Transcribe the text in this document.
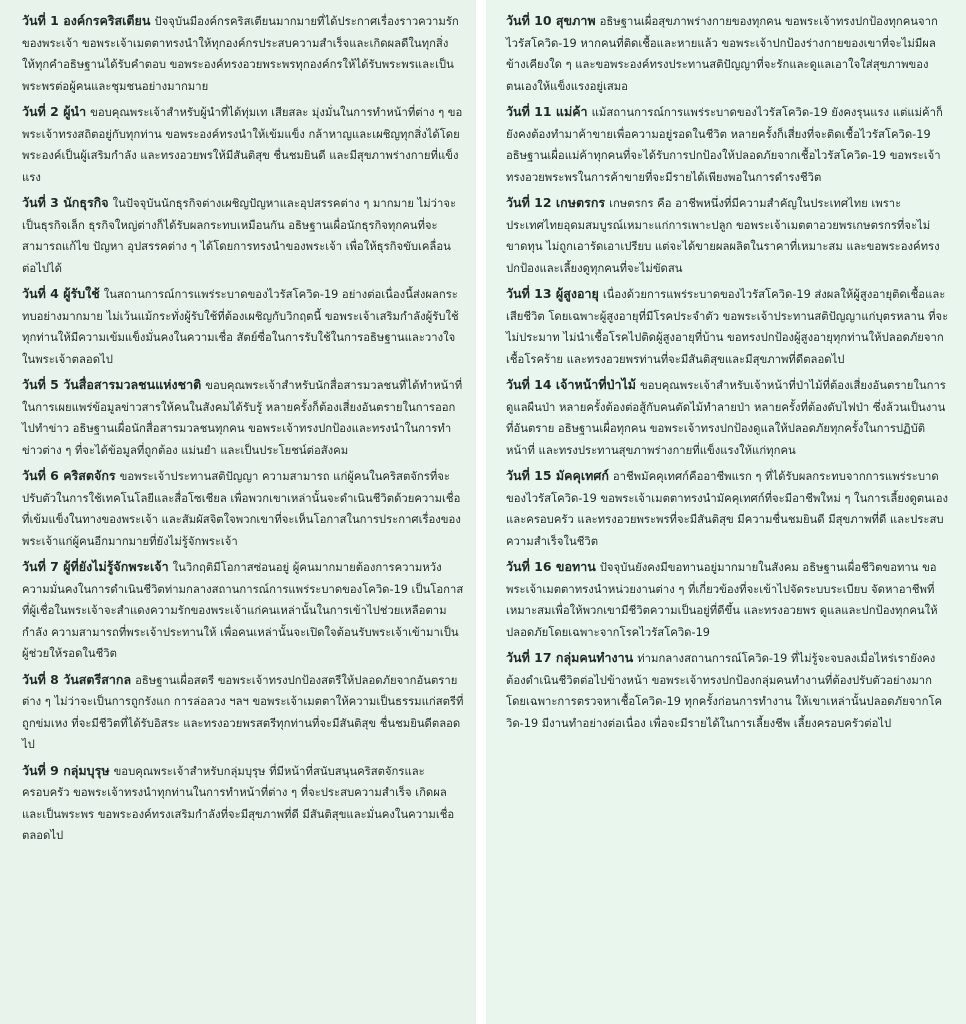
วันที่ 1 องค์กรคริสเตียน ปัจจุบันมีองค์กรคริสเตียนมากมายที่ได้ประกาศเรื่องราวความรักของพระเจ้า ขอพระเจ้าเมตตาทรงนำให้ทุกองค์กรประสบความสำเร็จและเกิดผลดีในทุกสิ่ง ให้ทุกคำอธิษฐานได้รับคำตอบ ขอพระองค์ทรงอวยพระพรทุกองค์กรให้ได้รับพระพรและเป็นพระพรต่อผู้คนและชุมชนอย่างมากมาย

วันที่ 2 ผู้นำ ขอบคุณพระเจ้าสำหรับผู้นำที่ได้ทุ่มเท เสียสละ มุ่งมั่นในการทำหน้าที่ต่าง ๆ ขอพระเจ้าทรงสถิตอยู่กับทุกท่าน ขอพระองค์ทรงนำให้เข้มแข็ง กล้าหาญและเผชิญทุกสิ่งได้โดยพระองค์เป็นผู้เสริมกำลัง และทรงอวยพรให้มีสันติสุข ชื่นชมยินดี และมีสุขภาพร่างกายที่แข็งแรง

วันที่ 3 นักธุรกิจ ในปัจจุบันนักธุรกิจต่างเผชิญปัญหาและอุปสรรคต่าง ๆ มากมาย ไม่ว่าจะเป็นธุรกิจเล็ก ธุรกิจใหญ่ต่างก็ได้รับผลกระทบเหมือนกัน อธิษฐานเผื่อนักธุรกิจทุกคนที่จะสามารถแก้ไข ปัญหา อุปสรรคต่าง ๆ ได้โดยการทรงนำของพระเจ้า เพื่อให้ธุรกิจขับเคลื่อนต่อไปได้

วันที่ 4 ผู้รับใช้ ในสถานการณ์การแพร่ระบาดของไวรัสโควิด-19 อย่างต่อเนื่องนี้ส่งผลกระทบอย่างมากมาย ไม่เว้นแม้กระทั่งผู้รับใช้ที่ต้องเผชิญกับวิกฤตนี้ ขอพระเจ้าเสริมกำลังผู้รับใช้ทุกท่านให้มีความเข้มแข็งมั่นคงในความเชื่อ สัตย์ซื่อในการรับใช้ในการอธิษฐานและวางใจในพระเจ้าตลอดไป

วันที่ 5 วันสื่อสารมวลชนแห่งชาติ ขอบคุณพระเจ้าสำหรับนักสื่อสารมวลชนที่ได้ทำหน้าที่ในการเผยแพร่ข้อมูลข่าวสารให้คนในสังคมได้รับรู้ หลายครั้งก็ต้องเสี่ยงอันตรายในการออกไปทำข่าว อธิษฐานเผื่อนักสื่อสารมวลชนทุกคน ขอพระเจ้าทรงปกป้องและทรงนำในการทำข่าวต่าง ๆ ที่จะได้ข้อมูลที่ถูกต้อง แม่นยำ และเป็นประโยชน์ต่อสังคม

วันที่ 6 คริสตจักร ขอพระเจ้าประทานสติปัญญา ความสามารถ แก่ผู้คนในคริสตจักรที่จะปรับตัวในการใช้เทคโนโลยีและสื่อโซเชียล เพื่อพวกเขาเหล่านั้นจะดำเนินชีวิตด้วยความเชื่อที่เข้มแข็งในทางของพระเจ้า และสัมผัสจิตใจพวกเขาที่จะเห็นโอกาสในการประกาศเรื่องของพระเจ้าแก่ผู้คนอีกมากมายที่ยังไม่รู้จักพระเจ้า

วันที่ 7 ผู้ที่ยังไม่รู้จักพระเจ้า ในวิกฤติมีโอกาสซ่อนอยู่ ผู้คนมากมายต้องการความหวัง ความมั่นคงในการดำเนินชีวิตท่ามกลางสถานการณ์การแพร่ระบาดของโควิด-19 เป็นโอกาสที่ผู้เชื่อในพระเจ้าจะสำแดงความรักของพระเจ้าแก่คนเหล่านั้นในการเข้าไปช่วยเหลือตามกำลัง ความสามารถที่พระเจ้าประทานให้ เพื่อคนเหล่านั้นจะเปิดใจต้อนรับพระเจ้าเข้ามาเป็นผู้ช่วยให้รอดในชีวิต

วันที่ 8 วันสตรีสากล อธิษฐานเผื่อสตรี ขอพระเจ้าทรงปกป้องสตรีให้ปลอดภัยจากอันตรายต่าง ๆ ไม่ว่าจะเป็นการถูกรังแก การล่อลวง ฯลฯ ขอพระเจ้าเมตตาให้ความเป็นธรรมแก่สตรีที่ถูกข่มเหง ที่จะมีชีวิตที่ได้รับอิสระ และทรงอวยพรสตรีทุกท่านที่จะมีสันติสุข ชื่นชมยินดีตลอดไป

วันที่ 9 กลุ่มบุรุษ ขอบคุณพระเจ้าสำหรับกลุ่มบุรุษ ที่มีหน้าที่สนับสนุนคริสตจักรและครอบครัว ขอพระเจ้าทรงนำทุกท่านในการทำหน้าที่ต่าง ๆ ที่จะประสบความสำเร็จ เกิดผลและเป็นพระพร ขอพระองค์ทรงเสริมกำลังที่จะมีสุขภาพที่ดี มีสันติสุขและมั่นคงในความเชื่อตลอดไป

วันที่ 10 สุขภาพ อธิษฐานเผื่อสุขภาพร่างกายของทุกคน ขอพระเจ้าทรงปกป้องทุกคนจากไวรัสโควิด-19 หากคนที่ติดเชื้อและหายแล้ว ขอพระเจ้าปกป้องร่างกายของเขาที่จะไม่มีผลข้างเคียงใด ๆ และขอพระองค์ทรงประทานสติปัญญาที่จะรักและดูแลเอาใจใส่สุขภาพของตนเองให้แข็งแรงอยู่เสมอ

วันที่ 11 แม่ค้า แม้สถานการณ์การแพร่ระบาดของไวรัสโควิด-19 ยังคงรุนแรง แต่แม่ค้าก็ยังคงต้องทำมาค้าขายเพื่อความอยู่รอดในชีวิต หลายครั้งก็เสี่ยงที่จะติดเชื้อไวรัสโควิด-19 อธิษฐานเผื่อแม่ค้าทุกคนที่จะได้รับการปกป้องให้ปลอดภัยจากเชื้อไวรัสโควิด-19 ขอพระเจ้าทรงอวยพระพรในการค้าขายที่จะมีรายได้เพียงพอในการดำรงชีวิต

วันที่ 12 เกษตรกร เกษตรกร คือ อาชีพหนึ่งที่มีความสำคัญในประเทศไทย เพราะประเทศไทยอุดมสมบูรณ์เหมาะแก่การเพาะปลูก ขอพระเจ้าเมตตาอวยพรเกษตรกรที่จะไม่ขาดทุน ไม่ถูกเอารัดเอาเปรียบ แต่จะได้ขายผลผลิตในราคาที่เหมาะสม และขอพระองค์ทรงปกป้องและเลี้ยงดูทุกคนที่จะไม่ขัดสน

วันที่ 13 ผู้สูงอายุ เนื่องด้วยการแพร่ระบาดของไวรัสโควิด-19 ส่งผลให้ผู้สูงอายุติดเชื้อและเสียชีวิต โดยเฉพาะผู้สูงอายุที่มีโรคประจำตัว ขอพระเจ้าประทานสติปัญญาแก่บุตรหลาน ที่จะไม่ประมาท ไม่นำเชื้อโรคไปติดผู้สูงอายุที่บ้าน ขอทรงปกป้องผู้สูงอายุทุกท่านให้ปลอดภัยจากเชื้อโรคร้าย และทรงอวยพรท่านที่จะมีสันติสุขและมีสุขภาพที่ดีตลอดไป

วันที่ 14 เจ้าหน้าที่ป่าไม้ ขอบคุณพระเจ้าสำหรับเจ้าหน้าที่ป่าไม้ที่ต้องเสี่ยงอันตรายในการดูแลผืนป่า หลายครั้งต้องต่อสู้กับคนตัดไม้ทำลายป่า หลายครั้งที่ต้องดับไฟป่า ซึ่งล้วนเป็นงานที่อันตราย อธิษฐานเผื่อทุกคน ขอพระเจ้าทรงปกป้องดูแลให้ปลอดภัยทุกครั้งในการปฏิบัติหน้าที่ และทรงประทานสุขภาพร่างกายที่แข็งแรงให้แก่ทุกคน

วันที่ 15 มัคคุเทศก์ อาชีพมัคคุเทศก์คืออาชีพแรก ๆ ที่ได้รับผลกระทบจากการแพร่ระบาดของไวรัสโควิด-19 ขอพระเจ้าเมตตาทรงนำมัคคุเทศก์ที่จะมีอาชีพใหม่ ๆ ในการเลี้ยงดูตนเองและครอบครัว และทรงอวยพระพรที่จะมีสันติสุข มีความชื่นชมยินดี มีสุขภาพที่ดี และประสบความสำเร็จในชีวิต

วันที่ 16 ขอทาน ปัจจุบันยังคงมีขอทานอยู่มากมายในสังคม อธิษฐานเผื่อชีวิตขอทาน ขอพระเจ้าเมตตาทรงนำหน่วยงานต่าง ๆ ที่เกี่ยวข้องที่จะเข้าไปจัดระบบระเบียบ จัดหาอาชีพที่เหมาะสมเพื่อให้พวกเขามีชีวิตความเป็นอยู่ที่ดีขึ้น และทรงอวยพร ดูแลและปกป้องทุกคนให้ปลอดภัยโดยเฉพาะจากโรคไวรัสโควิด-19

วันที่ 17 กลุ่มคนทำงาน ท่ามกลางสถานการณ์โควิด-19 ที่ไม่รู้จะจบลงเมื่อไหร่เรายังคงต้องดำเนินชีวิตต่อไปข้างหน้า ขอพระเจ้าทรงปกป้องกลุ่มคนทำงานที่ต้องปรับตัวอย่างมาก โดยเฉพาะการตรวจหาเชื้อโควิด-19 ทุกครั้งก่อนการทำงาน ให้เขาเหล่านั้นปลอดภัยจากโควิด-19 มีงานทำอย่างต่อเนื่อง เพื่อจะมีรายได้ในการเลี้ยงชีพ เลี้ยงครอบครัวต่อไป
